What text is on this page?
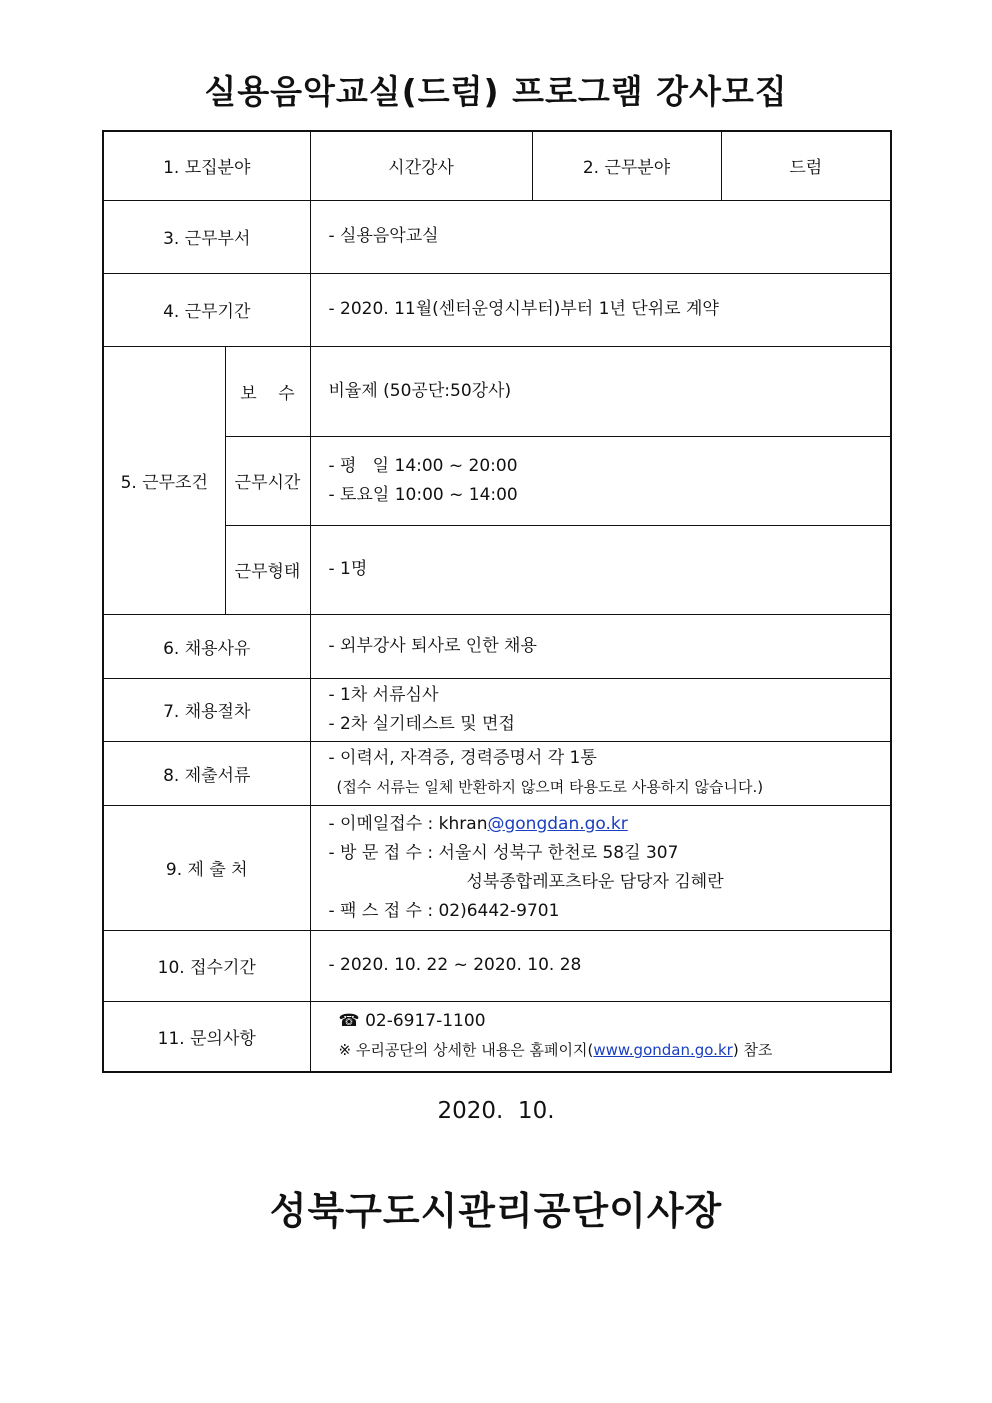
실용음악교실(드럼) 프로그램 강사모집
1. 모집분야		시간강사	2. 근무분야	드럼
3. 근무부서		- 실용음악교실		
4. 근무기간		- 2020. 11월(센터운영시부터)부터 1년 단위로 계약		
5. 근무조건	보    수	비율제 (50공단:50강사)		
	근무시간	- 평   일 14:00 ~ 20:00
- 토요일 10:00 ~ 14:00		

	근무형태	- 1명		
6. 채용사유		- 외부강사 퇴사로 인한 채용		
7. 채용절차		- 1차 서류심사
- 2차 실기테스트 및 면접		

8. 제출서류		- 이력서, 자격증, 경력증명서 각 1통
(접수 서류는 일체 반환하지 않으며 타용도로 사용하지 않습니다.)		

9. 제 출 처		- 이메일접수 : khran@gongdan.go.kr
- 방 문 접 수 : 서울시 성북구 한천로 58길 307
성북종합레포츠타운 담당자 김혜란
- 팩 스 접 수 : 02)6442-9701		

10. 접수기간		- 2020. 10. 22 ~ 2020. 10. 28		
11. 문의사항		☎ 02-6917-1100
※ 우리공단의 상세한 내용은 홈페이지(www.gondan.go.kr) 참조		
2020.  10.
성북구도시관리공단이사장
